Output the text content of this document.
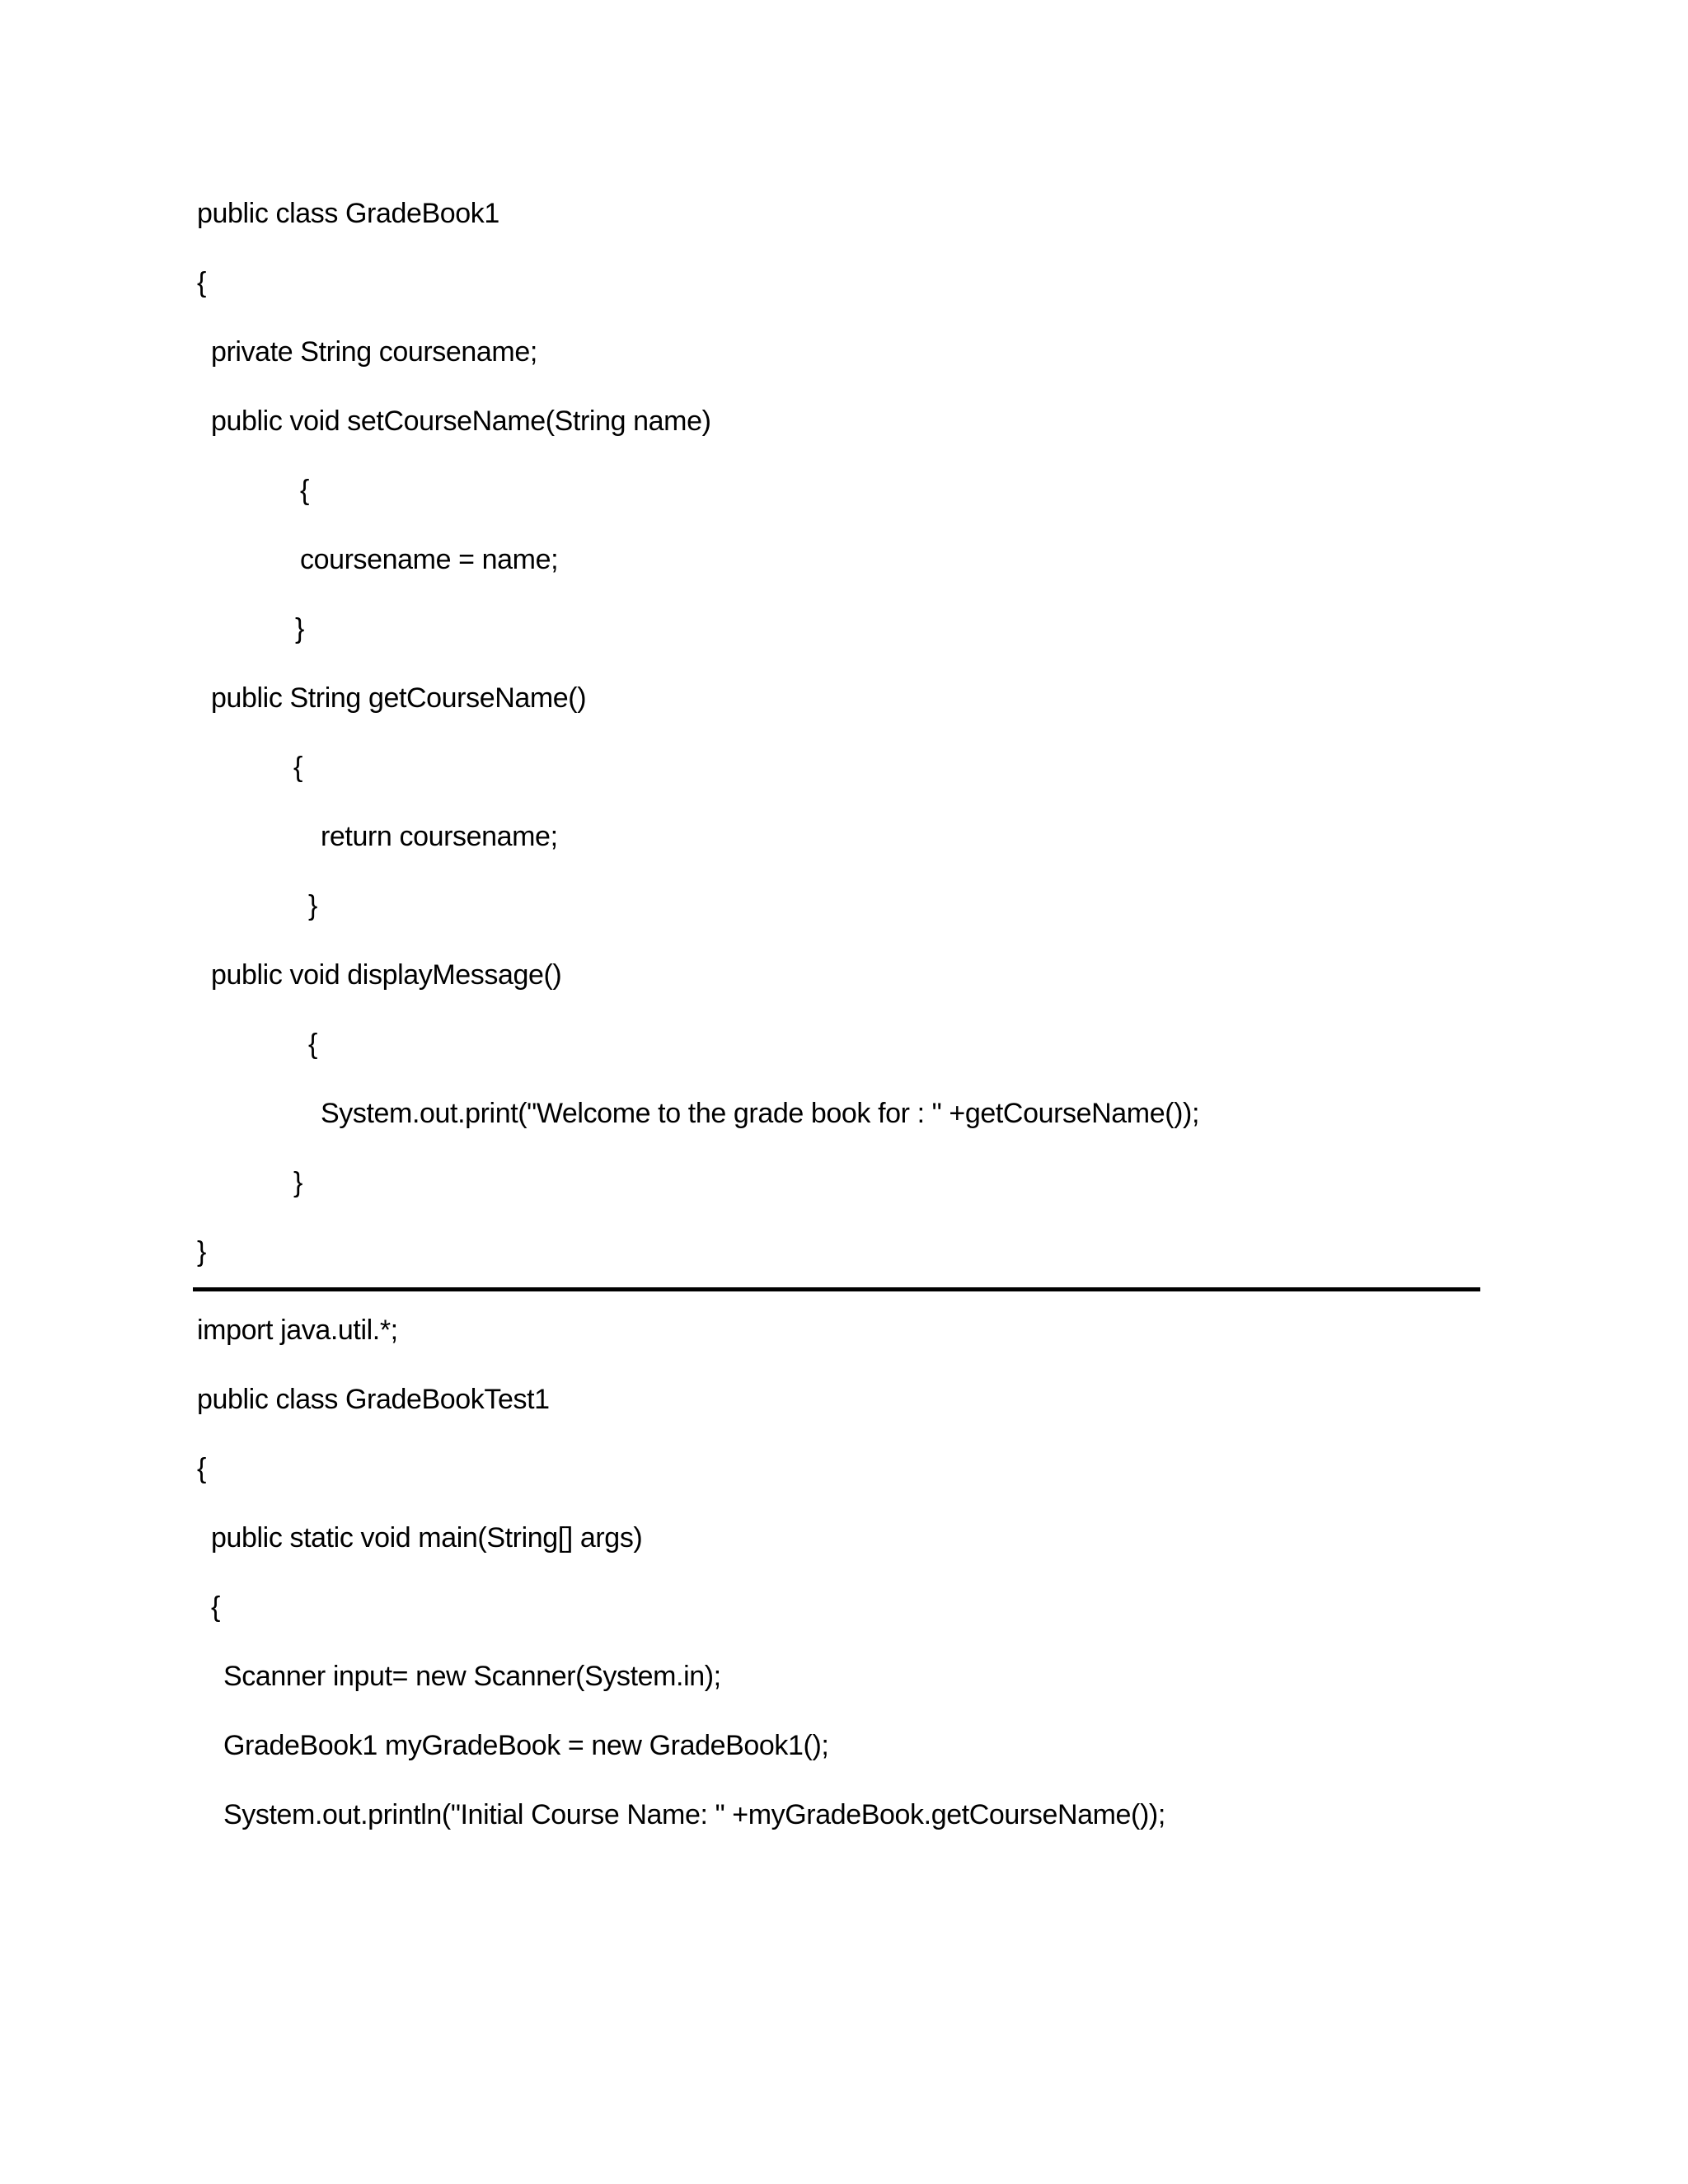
public class GradeBook1
{
private String coursename;
public void setCourseName(String name)
{
coursename = name;
}
public String getCourseName()
{
return coursename;
}
public void displayMessage()
{
System.out.print("Welcome to the grade book for : " +getCourseName());
}
}
import java.util.*;
public class GradeBookTest1
{
public static void main(String[] args)
{
Scanner input= new Scanner(System.in);
GradeBook1 myGradeBook = new GradeBook1();
System.out.println("Initial Course Name: " +myGradeBook.getCourseName());
